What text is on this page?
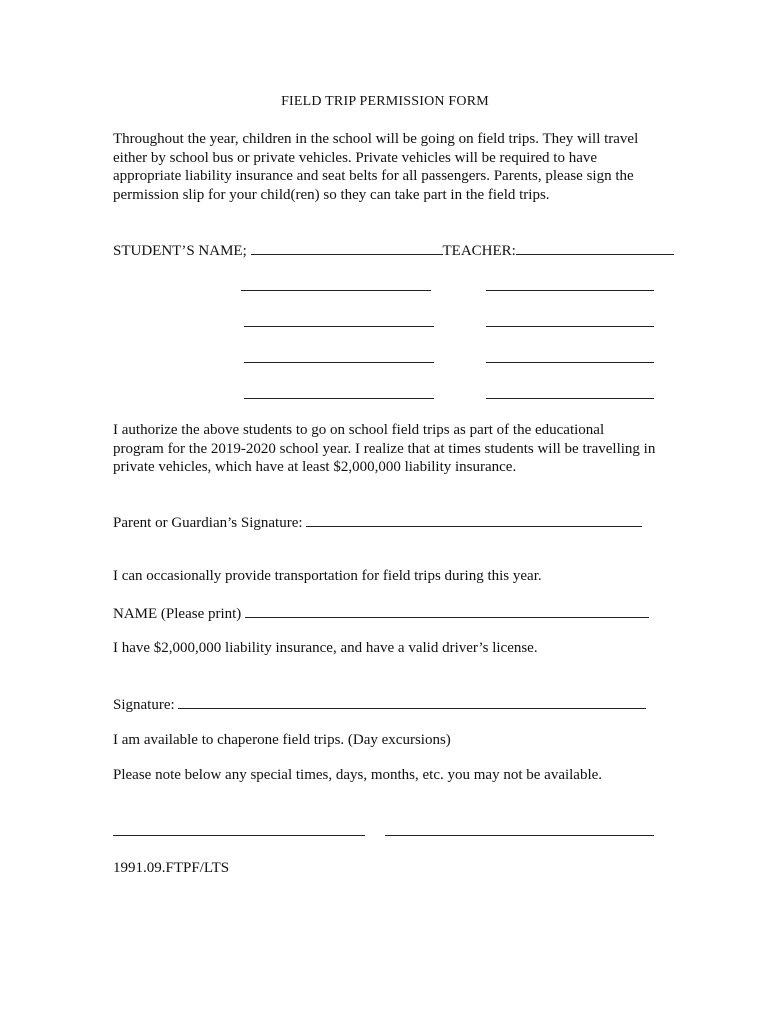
FIELD TRIP PERMISSION FORM
Throughout the year, children in the school will be going on field trips. They will travel either by school bus or private vehicles. Private vehicles will be required to have appropriate liability insurance and seat belts for all passengers. Parents, please sign the permission slip for your child(ren) so they can take part in the field trips.
STUDENT’S NAME;	TEACHER:
I authorize the above students to go on school field trips as part of the educational program for the 2019-2020 school year. I realize that at times students will be travelling in private vehicles, which have at least $2,000,000 liability insurance.
Parent or Guardian’s Signature:
I can occasionally provide transportation for field trips during this year.
NAME (Please print)
I have $2,000,000 liability insurance, and have a valid driver’s license.
Signature:
I am available to chaperone field trips. (Day excursions)
Please note below any special times, days, months, etc. you may not be available.
1991.09.FTPF/LTS
